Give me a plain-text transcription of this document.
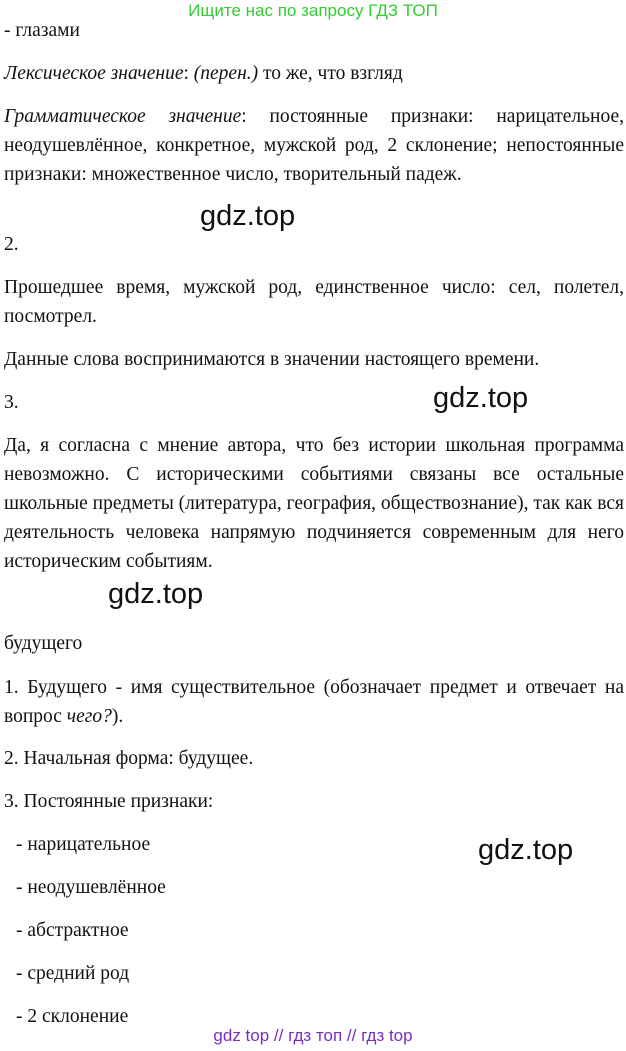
Ищите нас по запросу ГДЗ ТОП

- глазами

Лексическое значение: (перен.) то же, что взгляд

Грамматическое значение: постоянные признаки: нарицательное, неодушевлённое, конкретное, мужской род, 2 склонение; непостоянные признаки: множественное число, творительный падеж.

gdz.top

2.

Прошедшее время, мужской род, единственное число: сел, полетел, посмотрел.

Данные слова воспринимаются в значении настоящего времени.

3.	gdz.top

Да, я согласна с мнение автора, что без истории школьная программа невозможно. С историческими событиями связаны все остальные школьные предметы (литература, география, обществознание), так как вся деятельность человека напрямую подчиняется современным для него историческим событиям.

gdz.top

будущего

1. Будущего - имя существительное (обозначает предмет и отвечает на вопрос чего?).

2. Начальная форма: будущее.

3. Постоянные признаки:

- нарицательное	gdz.top

- неодушевлённое

- абстрактное

- средний род

- 2 склонение

gdz top // гдз топ // гдз top
